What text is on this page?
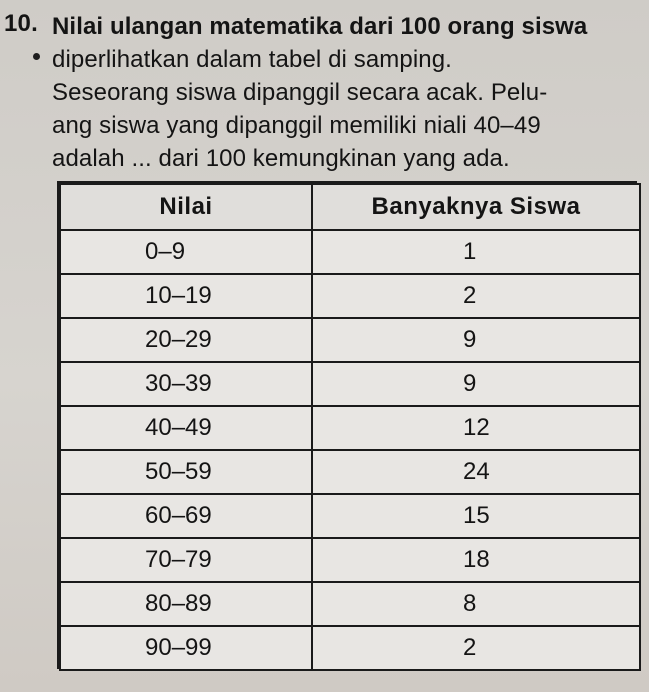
10. Nilai ulangan matematika dari 100 orang siswa
diperlihatkan dalam tabel di samping.
Seseorang siswa dipanggil secara acak. Pelu-
ang siswa yang dipanggil memiliki niali 40–49
adalah ... dari 100 kemungkinan yang ada.
Nilai	Banyaknya Siswa
0–9	1
10–19	2
20–29	9
30–39	9
40–49	12
50–59	24
60–69	15
70–79	18
80–89	8
90–99	2
